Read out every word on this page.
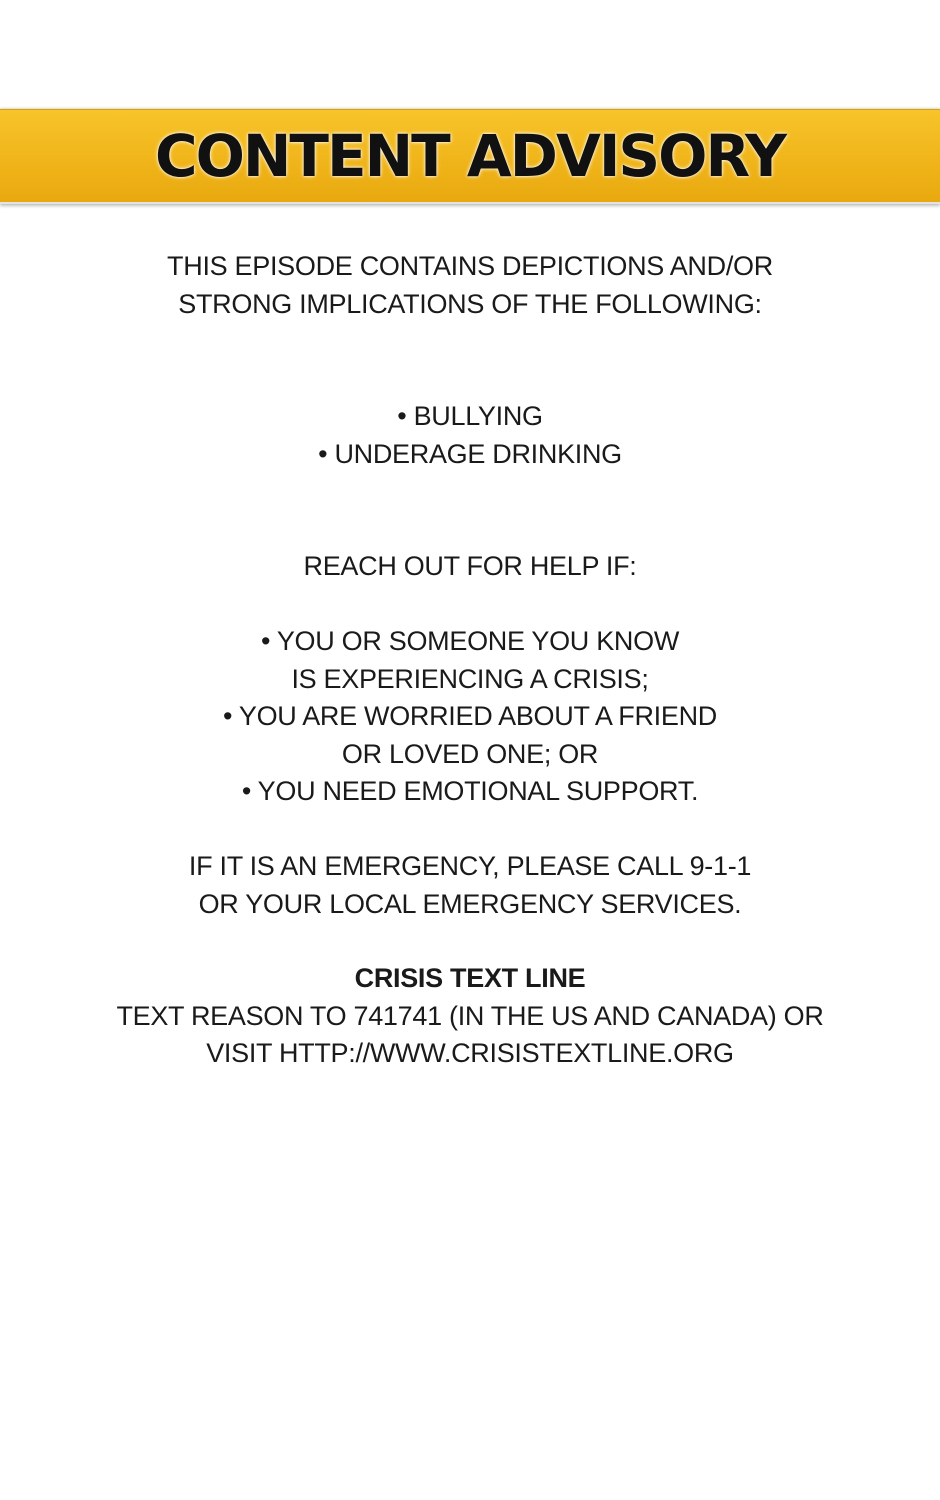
CONTENT ADVISORY
THIS EPISODE CONTAINS DEPICTIONS AND/OR
STRONG IMPLICATIONS OF THE FOLLOWING:
• BULLYING
• UNDERAGE DRINKING
REACH OUT FOR HELP IF:
• YOU OR SOMEONE YOU KNOW
IS EXPERIENCING A CRISIS;
• YOU ARE WORRIED ABOUT A FRIEND
OR LOVED ONE; OR
• YOU NEED EMOTIONAL SUPPORT.
IF IT IS AN EMERGENCY, PLEASE CALL 9-1-1
OR YOUR LOCAL EMERGENCY SERVICES.
CRISIS TEXT LINE
TEXT REASON TO 741741 (IN THE US AND CANADA) OR
VISIT HTTP://WWW.CRISISTEXTLINE.ORG
